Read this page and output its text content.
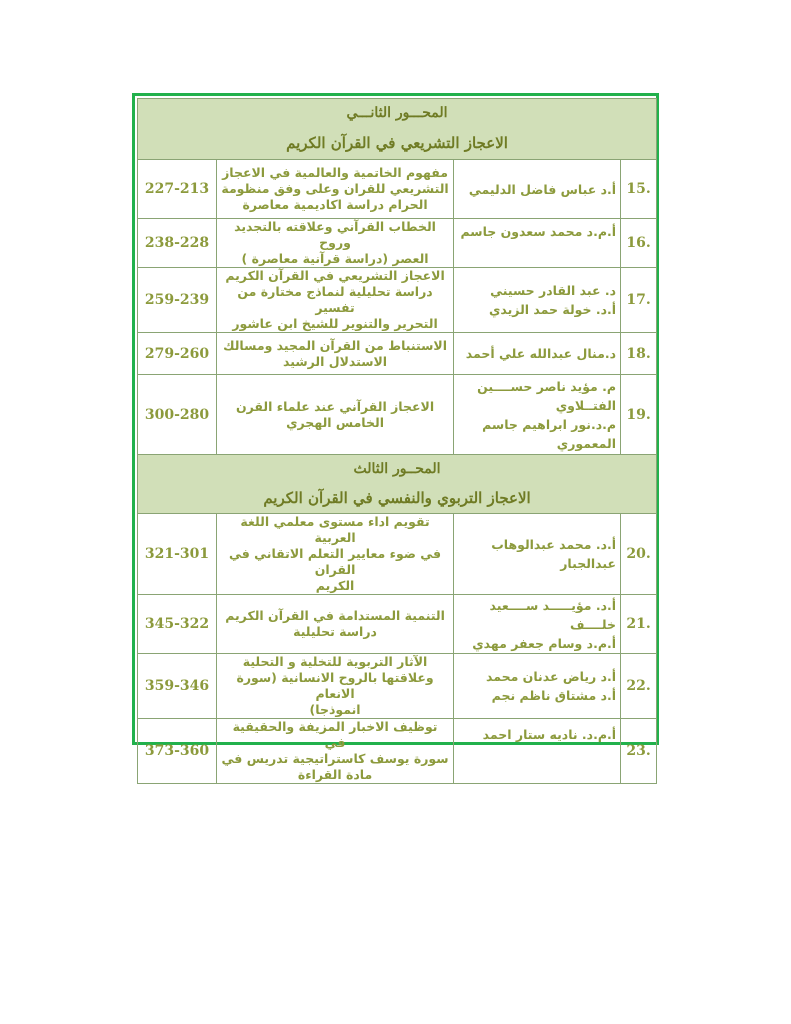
المحـــور الثانـــي			
الاعجاز التشريعي في القرآن الكريم			
15.	أ.د عباس فاضل الدليمي	مفهوم الخاتمية والعالمية في الاعجاز
التشريعي للقران وعلى وفق منظومة
الحرام دراسة اكاديمية معاصرة	227-213
16.	أ.م.د محمد سعدون جاسم	الخطاب القرآني وعلاقته بالتجديد وروح
العصر (دراسة قرآنية معاصرة )	238-228
17.	د. عبد القادر حسيني
أ.د. خولة حمد الزيدي	الاعجاز التشريعي في القرآن الكريم
دراسة تحليلية لنماذج مختارة من تفسير
التحرير والتنوير للشيخ ابن عاشور	259-239
18.	د.منال عبدالله علي أحمد	الاستنباط من القرآن المجيد ومسالك
الاستدلال الرشيد	279-260
19.	م. مؤيد ناصر حســــين
الفتــلاوي
م.د.نور ابراهيم جاسم
المعموري	الاعجاز القرآني عند علماء القرن
الخامس الهجري	300-280
المحــور الثالث			
الاعجاز التربوي والنفسي في القرآن الكريم			
20.	أ.د. محمد عبدالوهاب عبدالجبار	تقويم اداء مستوى معلمي اللغة العربية
في ضوء معايير التعلم الاتقاني في القران
الكريم	321-301
21.	أ.د. مؤيـــــد ســــعيد
خلــــف
أ.م.د وسام جعفر مهدي	التنمية المستدامة في القرآن الكريم
دراسة تحليلية	345-322
22.	أ.د رياض عدنان محمد
أ.د مشتاق ناظم نجم	الآثار التربوية للتخلية و التحلية
وعلاقتها بالروح الانسانية (سورة الانعام
انموذجا)	359-346
23.	أ.م.د. ناديه ستار احمد	توظيف الاخبار المزيفة والحقيقية في
سورة يوسف كاستراتيجية تدريس في
مادة القراءة	373-360
